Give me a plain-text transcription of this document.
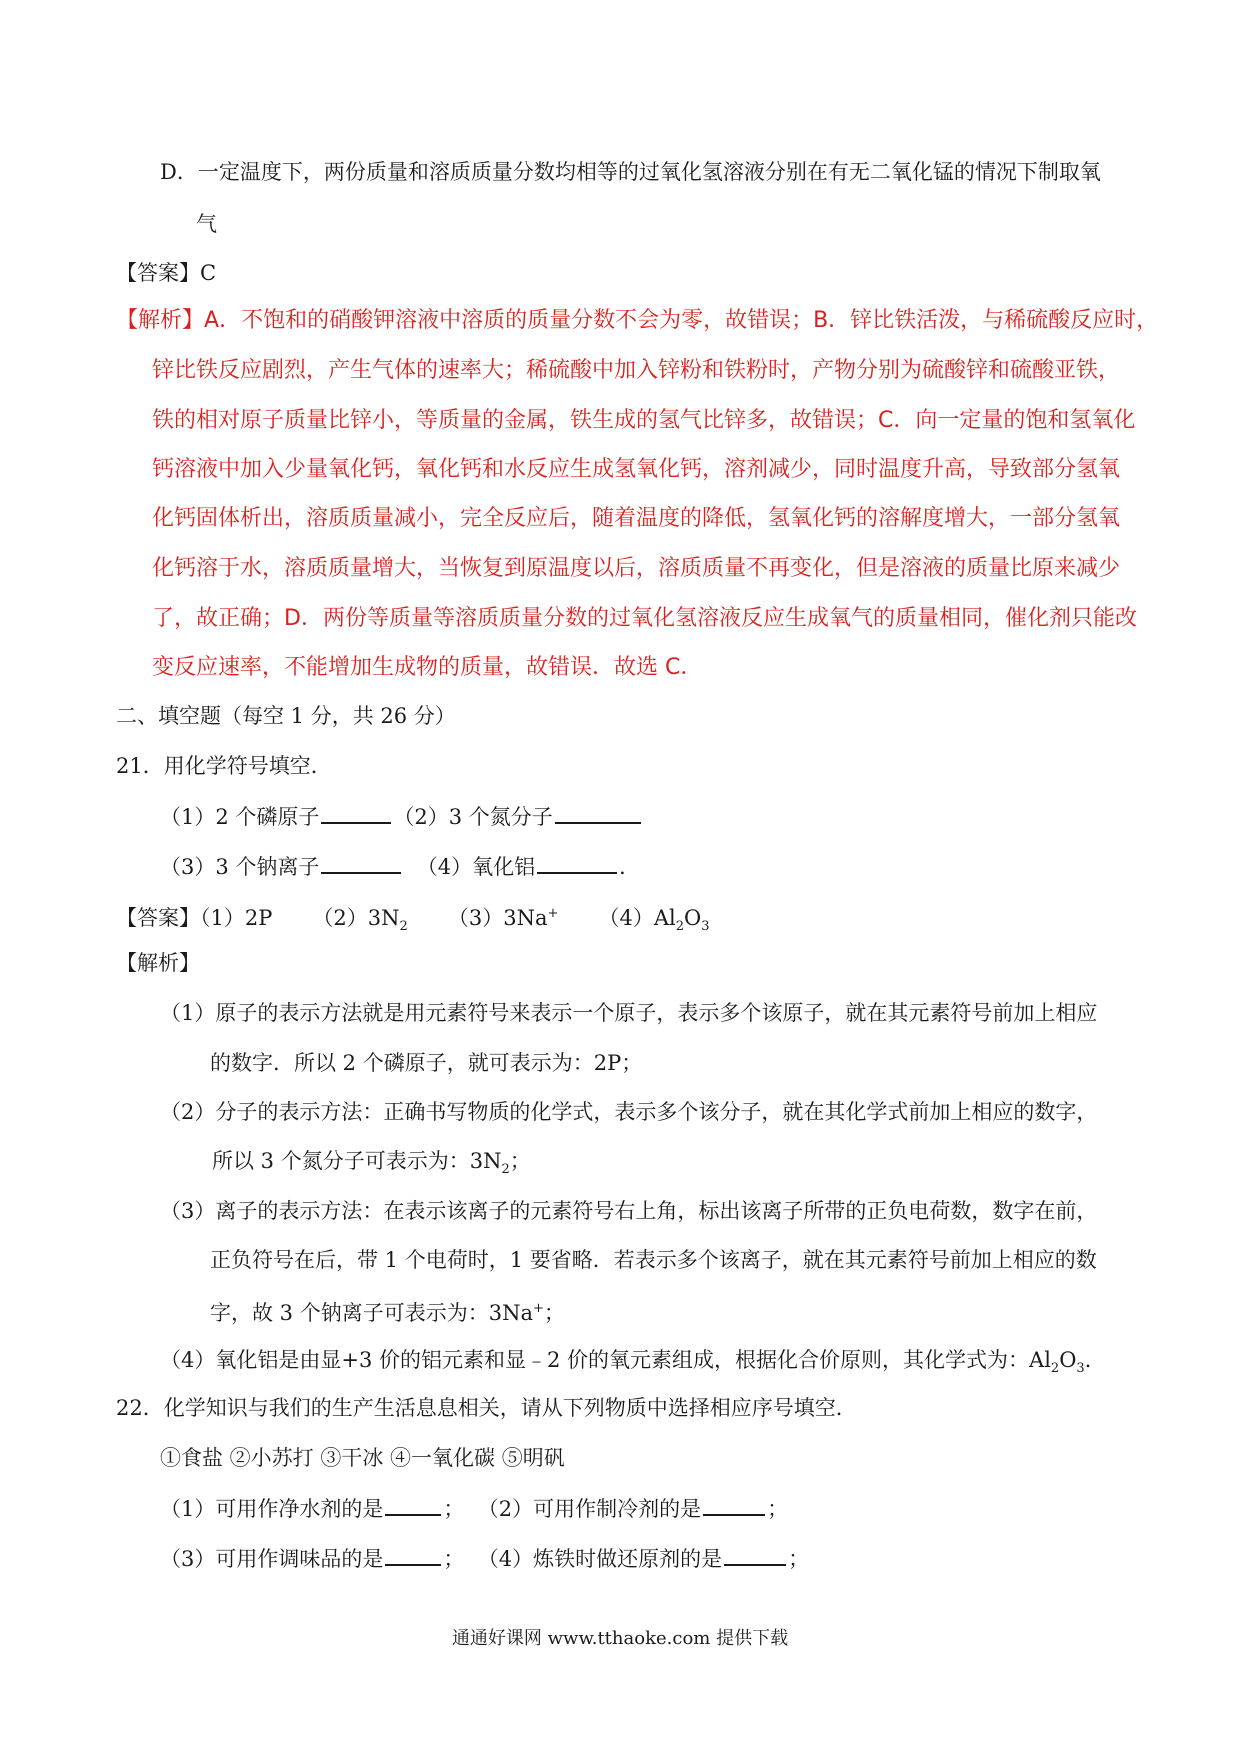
D．一定温度下，两份质量和溶质质量分数均相等的过氧化氢溶液分别在有无二氧化锰的情况下制取氧
气
【答案】C
【解析】A．不饱和的硝酸钾溶液中溶质的质量分数不会为零，故错误；B．锌比铁活泼，与稀硫酸反应时，
锌比铁反应剧烈，产生气体的速率大；稀硫酸中加入锌粉和铁粉时，产物分别为硫酸锌和硫酸亚铁，
铁的相对原子质量比锌小，等质量的金属，铁生成的氢气比锌多，故错误；C．向一定量的饱和氢氧化
钙溶液中加入少量氧化钙，氧化钙和水反应生成氢氧化钙，溶剂减少，同时温度升高，导致部分氢氧
化钙固体析出，溶质质量减小，完全反应后，随着温度的降低，氢氧化钙的溶解度增大，一部分氢氧
化钙溶于水，溶质质量增大，当恢复到原温度以后，溶质质量不再变化，但是溶液的质量比原来减少
了，故正确；D．两份等质量等溶质质量分数的过氧化氢溶液反应生成氧气的质量相同，催化剂只能改
变反应速率，不能增加生成物的质量，故错误．故选 C．
二、填空题（每空 1 分，共 26 分）
21．用化学符号填空．
（1）2 个磷原子	（2）3 个氮分子
（3）3 个钠离子	（4）氧化铝	．
【答案】（1）2P $(2)3N_2$ （3）3Na+ $(4)Al_2O_3$
【解析】
（1）原子的表示方法就是用元素符号来表示一个原子，表示多个该原子，就在其元素符号前加上相应
的数字．所以 2 个磷原子，就可表示为：2P；
（2）分子的表示方法：正确书写物质的化学式，表示多个该分子，就在其化学式前加上相应的数字，
所以 3 个氮分子可表示为：$3N_2$；
（3）离子的表示方法：在表示该离子的元素符号右上角，标出该离子所带的正负电荷数，数字在前，
正负符号在后，带 1 个电荷时，1 要省略．若表示多个该离子，就在其元素符号前加上相应的数
字，故 3 个钠离子可表示为：3Na+；
（4）氧化铝是由显+3 价的铝元素和显﹣2 价的氧元素组成，根据化合价原则，其化学式为：$Al_2O_3$．
22．化学知识与我们的生产生活息息相关，请从下列物质中选择相应序号填空．
①食盐 ②小苏打 ③干冰 ④一氧化碳 ⑤明矾
（1）可用作净水剂的是	； （2）可用作制冷剂的是	；
（3）可用作调味品的是	； （4）炼铁时做还原剂的是	；
通通好课网 www.tthaoke.com 提供下载
